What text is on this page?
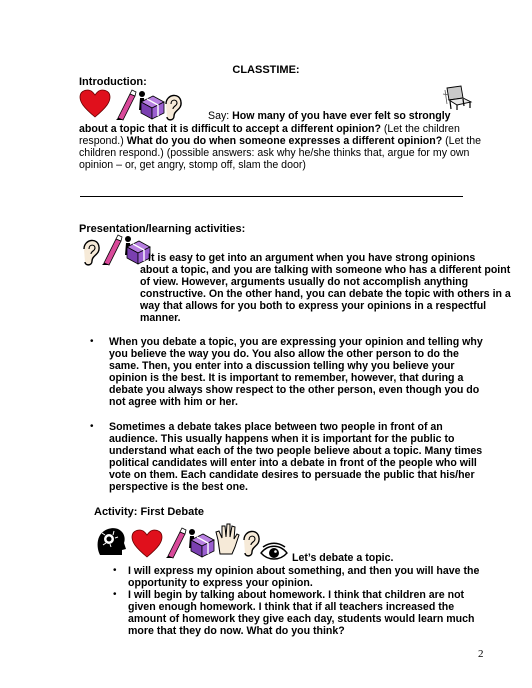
CLASSTIME:
Introduction:
Say: How many of you have ever felt so strongly
about a topic that it is difficult to accept a different opinion? (Let the children
respond.) What do you do when someone expresses a different opinion? (Let the
children respond.) (possible answers: ask why he/she thinks that, argue for my own
opinion – or, get angry, stomp off, slam the door)
Presentation/learning activities:
It is easy to get into an argument when you have strong opinions
about a topic, and you are talking with someone who has a different point
of view. However, arguments usually do not accomplish anything
constructive. On the other hand, you can debate the topic with others in a
way that allows for you both to express your opinions in a respectful
manner.
• When you debate a topic, you are expressing your opinion and telling why
you believe the way you do. You also allow the other person to do the
same. Then, you enter into a discussion telling why you believe your
opinion is the best. It is important to remember, however, that during a
debate you always show respect to the other person, even though you do
not agree with him or her.
• Sometimes a debate takes place between two people in front of an
audience. This usually happens when it is important for the public to
understand what each of the two people believe about a topic. Many times
political candidates will enter into a debate in front of the people who will
vote on them. Each candidate desires to persuade the public that his/her
perspective is the best one.
Activity: First Debate
Let’s debate a topic.
• I will express my opinion about something, and then you will have the
opportunity to express your opinion.
• I will begin by talking about homework. I think that children are not
given enough homework. I think that if all teachers increased the
amount of homework they give each day, students would learn much
more that they do now. What do you think?
2
